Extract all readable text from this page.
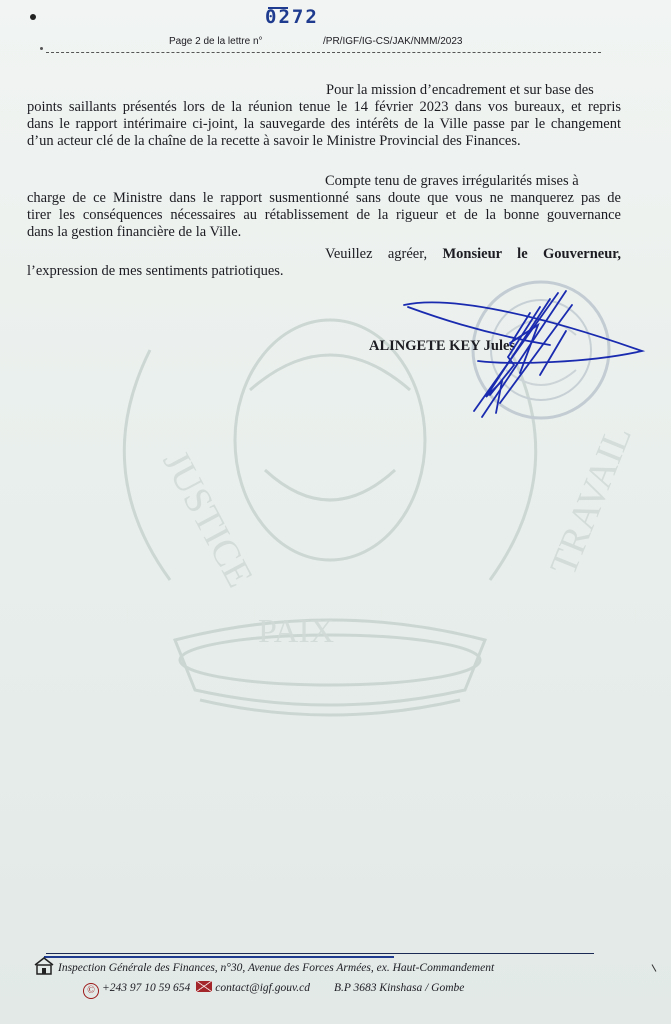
JUSTICE
PAIX
TRAVAIL
0272
Page 2 de la lettre n°	/PR/IGF/IG-CS/JAK/NMM/2023
Pour la mission d’encadrement et sur base des
points saillants présentés lors de la réunion tenue le 14 février 2023 dans vos bureaux, et repris
dans le rapport intérimaire ci-joint, la sauvegarde des intérêts de la Ville passe par le changement
d’un acteur clé de la chaîne de la recette à savoir le Ministre Provincial des Finances.
Compte tenu de graves irrégularités mises à
charge de ce Ministre dans le rapport susmentionné sans doute que vous ne manquerez pas de
tirer les conséquences nécessaires au rétablissement de la rigueur et de la bonne gouvernance
dans la gestion financière de la Ville.
Veuillez agréer, Monsieur le Gouverneur,
l’expression de mes sentiments patriotiques.
ALINGETE KEY Jules
Inspection Générale des Finances, n°30, Avenue des Forces Armées, ex. Haut-Commandement
© +243 97 10 59 654 contact@igf.gouv.cd B.P 3683 Kinshasa / Gombe
